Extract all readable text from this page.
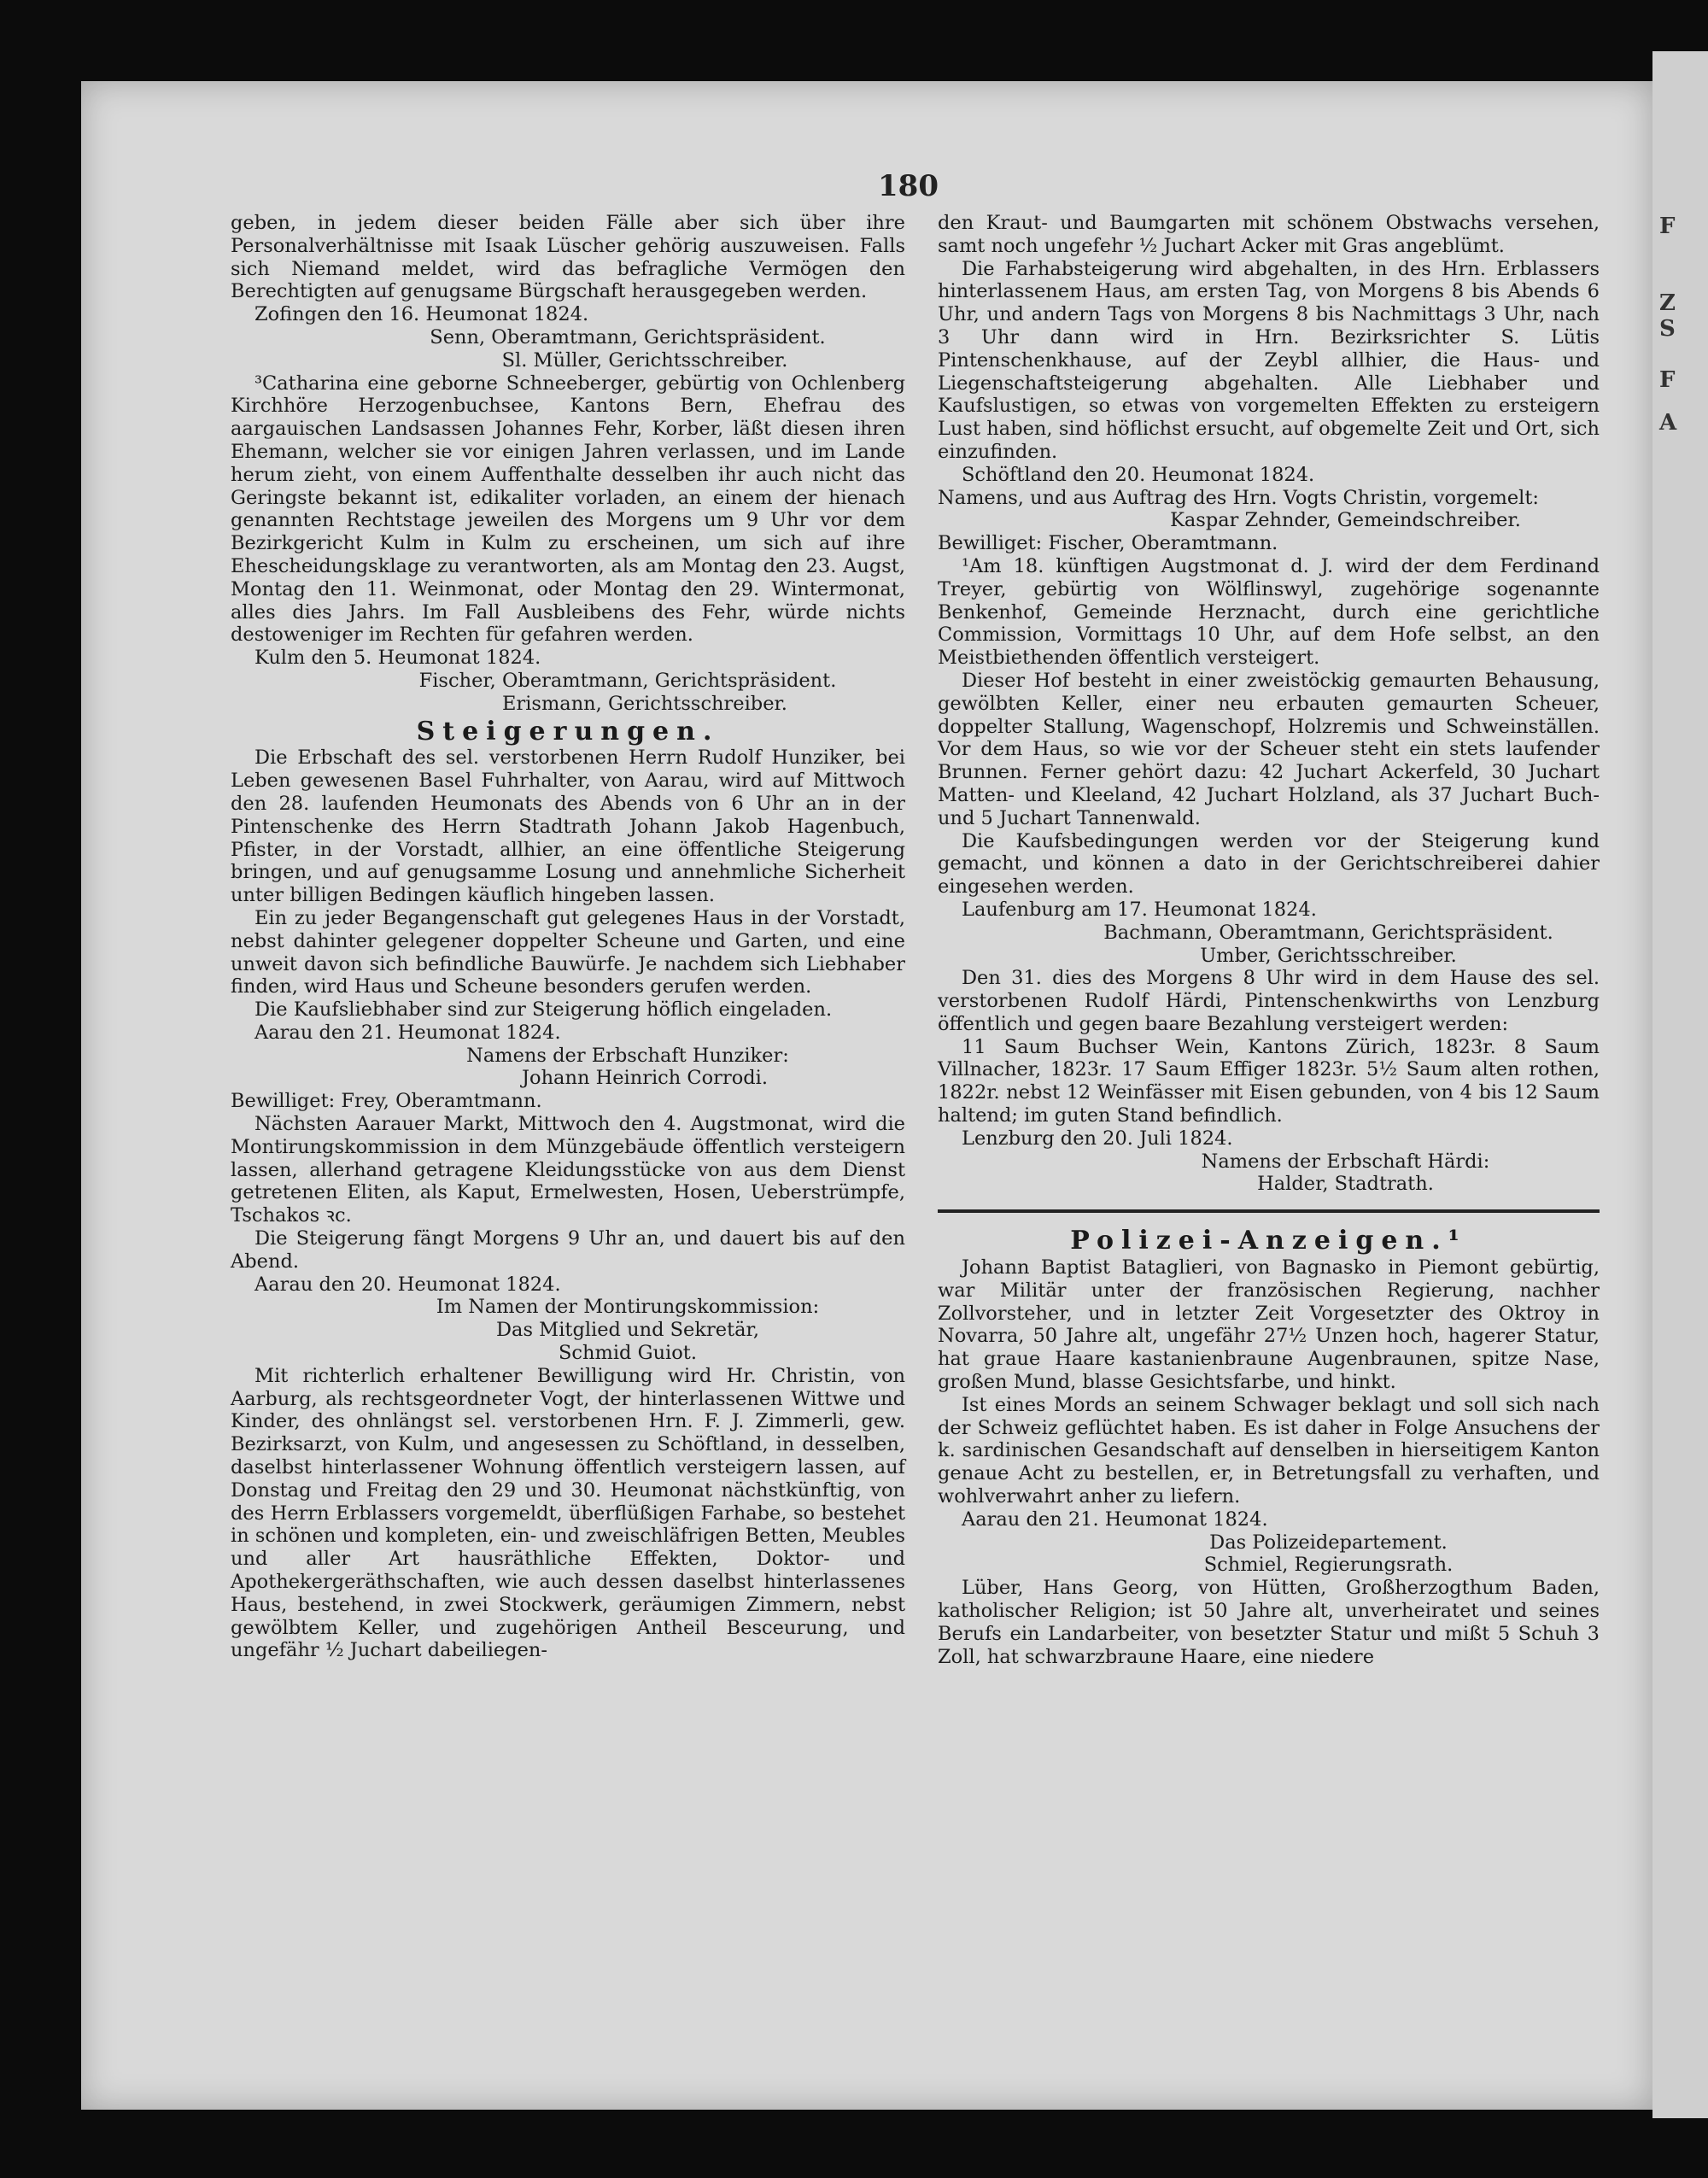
F
Z
S
F
A
180

geben, in jedem dieser beiden Fälle aber sich über ihre Personalverhältnisse mit Isaak Lüscher gehörig auszuweisen. Falls sich Niemand meldet, wird das befragliche Vermögen den Berechtigten auf genugsame Bürgschaft herausgegeben werden.

Zofingen den 16. Heumonat 1824.

Senn, Oberamtmann, Gerichtspräsident.

Sl. Müller, Gerichtsschreiber.

³Catharina eine geborne Schneeberger, gebürtig von Ochlenberg Kirchhöre Herzogenbuchsee, Kantons Bern, Ehefrau des aargauischen Landsassen Johannes Fehr, Korber, läßt diesen ihren Ehemann, welcher sie vor einigen Jahren verlassen, und im Lande herum zieht, von einem Auffenthalte desselben ihr auch nicht das Geringste bekannt ist, edikaliter vorladen, an einem der hienach genannten Rechtstage jeweilen des Morgens um 9 Uhr vor dem Bezirkgericht Kulm in Kulm zu erscheinen, um sich auf ihre Ehescheidungsklage zu verantworten, als am Montag den 23. Augst, Montag den 11. Weinmonat, oder Montag den 29. Wintermonat, alles dies Jahrs. Im Fall Ausbleibens des Fehr, würde nichts destoweniger im Rechten für gefahren werden.

Kulm den 5. Heumonat 1824.

Fischer, Oberamtmann, Gerichtspräsident.

Erismann, Gerichtsschreiber.

Steigerungen.

Die Erbschaft des sel. verstorbenen Herrn Rudolf Hunziker, bei Leben gewesenen Basel Fuhrhalter, von Aarau, wird auf Mittwoch den 28. laufenden Heumonats des Abends von 6 Uhr an in der Pintenschenke des Herrn Stadtrath Johann Jakob Hagenbuch, Pfister, in der Vorstadt, allhier, an eine öffentliche Steigerung bringen, und auf genugsamme Losung und annehmliche Sicherheit unter billigen Bedingen käuflich hingeben lassen.

Ein zu jeder Begangenschaft gut gelegenes Haus in der Vorstadt, nebst dahinter gelegener doppelter Scheune und Garten, und eine unweit davon sich befindliche Bauwürfe. Je nachdem sich Liebhaber finden, wird Haus und Scheune besonders gerufen werden.

Die Kaufsliebhaber sind zur Steigerung höflich eingeladen.

Aarau den 21. Heumonat 1824.

Namens der Erbschaft Hunziker:

Johann Heinrich Corrodi.

Bewilliget: Frey, Oberamtmann.

Nächsten Aarauer Markt, Mittwoch den 4. Augstmonat, wird die Montirungskommission in dem Münzgebäude öffentlich versteigern lassen, allerhand getragene Kleidungsstücke von aus dem Dienst getretenen Eliten, als Kaput, Ermelwesten, Hosen, Ueberstrümpfe, Tschakos ꝛc.

Die Steigerung fängt Morgens 9 Uhr an, und dauert bis auf den Abend.

Aarau den 20. Heumonat 1824.

Im Namen der Montirungskommission:

Das Mitglied und Sekretär,

Schmid Guiot.

Mit richterlich erhaltener Bewilligung wird Hr. Christin, von Aarburg, als rechtsgeordneter Vogt, der hinterlassenen Wittwe und Kinder, des ohnlängst sel. verstorbenen Hrn. F. J. Zimmerli, gew. Bezirksarzt, von Kulm, und angesessen zu Schöftland, in desselben, daselbst hinterlassener Wohnung öffentlich versteigern lassen, auf Donstag und Freitag den 29 und 30. Heumonat nächstkünftig, von des Herrn Erblassers vorgemeldt, überflüßigen Farhabe, so bestehet in schönen und kompleten, ein- und zweischläfrigen Betten, Meubles und aller Art hausräthliche Effekten, Doktor- und Apothekergeräthschaften, wie auch dessen daselbst hinterlassenes Haus, bestehend, in zwei Stockwerk, geräumigen Zimmern, nebst gewölbtem Keller, und zugehörigen Antheil Besceurung, und ungefähr ½ Juchart dabeiliegen-

den Kraut- und Baumgarten mit schönem Obstwachs versehen, samt noch ungefehr ½ Juchart Acker mit Gras angeblümt.

Die Farhabsteigerung wird abgehalten, in des Hrn. Erblassers hinterlassenem Haus, am ersten Tag, von Morgens 8 bis Abends 6 Uhr, und andern Tags von Morgens 8 bis Nachmittags 3 Uhr, nach 3 Uhr dann wird in Hrn. Bezirksrichter S. Lütis Pintenschenkhause, auf der Zeybl allhier, die Haus- und Liegenschaftsteigerung abgehalten. Alle Liebhaber und Kaufslustigen, so etwas von vorgemelten Effekten zu ersteigern Lust haben, sind höflichst ersucht, auf obgemelte Zeit und Ort, sich einzufinden.

Schöftland den 20. Heumonat 1824.

Namens, und aus Auftrag des Hrn. Vogts Christin, vorgemelt:

Kaspar Zehnder, Gemeindschreiber.

Bewilliget: Fischer, Oberamtmann.

¹Am 18. künftigen Augstmonat d. J. wird der dem Ferdinand Treyer, gebürtig von Wölflinswyl, zugehörige sogenannte Benkenhof, Gemeinde Herznacht, durch eine gerichtliche Commission, Vormittags 10 Uhr, auf dem Hofe selbst, an den Meistbiethenden öffentlich versteigert.

Dieser Hof besteht in einer zweistöckig gemaurten Behausung, gewölbten Keller, einer neu erbauten gemaurten Scheuer, doppelter Stallung, Wagenschopf, Holzremis und Schweinställen. Vor dem Haus, so wie vor der Scheuer steht ein stets laufender Brunnen. Ferner gehört dazu: 42 Juchart Ackerfeld, 30 Juchart Matten- und Kleeland, 42 Juchart Holzland, als 37 Juchart Buch- und 5 Juchart Tannenwald.

Die Kaufsbedingungen werden vor der Steigerung kund gemacht, und können a dato in der Gerichtschreiberei dahier eingesehen werden.

Laufenburg am 17. Heumonat 1824.

Bachmann, Oberamtmann, Gerichtspräsident.

Umber, Gerichtsschreiber.

Den 31. dies des Morgens 8 Uhr wird in dem Hause des sel. verstorbenen Rudolf Härdi, Pintenschenkwirths von Lenzburg öffentlich und gegen baare Bezahlung versteigert werden:

11 Saum Buchser Wein, Kantons Zürich, 1823r. 8 Saum Villnacher, 1823r. 17 Saum Effiger 1823r. 5½ Saum alten rothen, 1822r. nebst 12 Weinfässer mit Eisen gebunden, von 4 bis 12 Saum haltend; im guten Stand befindlich.

Lenzburg den 20. Juli 1824.

Namens der Erbschaft Härdi:

Halder, Stadtrath.

Polizei-Anzeigen.¹

Johann Baptist Bataglieri, von Bagnasko in Piemont gebürtig, war Militär unter der französischen Regierung, nachher Zollvorsteher, und in letzter Zeit Vorgesetzter des Oktroy in Novarra, 50 Jahre alt, ungefähr 27½ Unzen hoch, hagerer Statur, hat graue Haare kastanienbraune Augenbraunen, spitze Nase, großen Mund, blasse Gesichtsfarbe, und hinkt.

Ist eines Mords an seinem Schwager beklagt und soll sich nach der Schweiz geflüchtet haben. Es ist daher in Folge Ansuchens der k. sardinischen Gesandschaft auf denselben in hierseitigem Kanton genaue Acht zu bestellen, er, in Betretungsfall zu verhaften, und wohlverwahrt anher zu liefern.

Aarau den 21. Heumonat 1824.

Das Polizeidepartement.

Schmiel, Regierungsrath.

Lüber, Hans Georg, von Hütten, Großherzogthum Baden, katholischer Religion; ist 50 Jahre alt, unverheiratet und seines Berufs ein Landarbeiter, von besetzter Statur und mißt 5 Schuh 3 Zoll, hat schwarzbraune Haare, eine niedere
